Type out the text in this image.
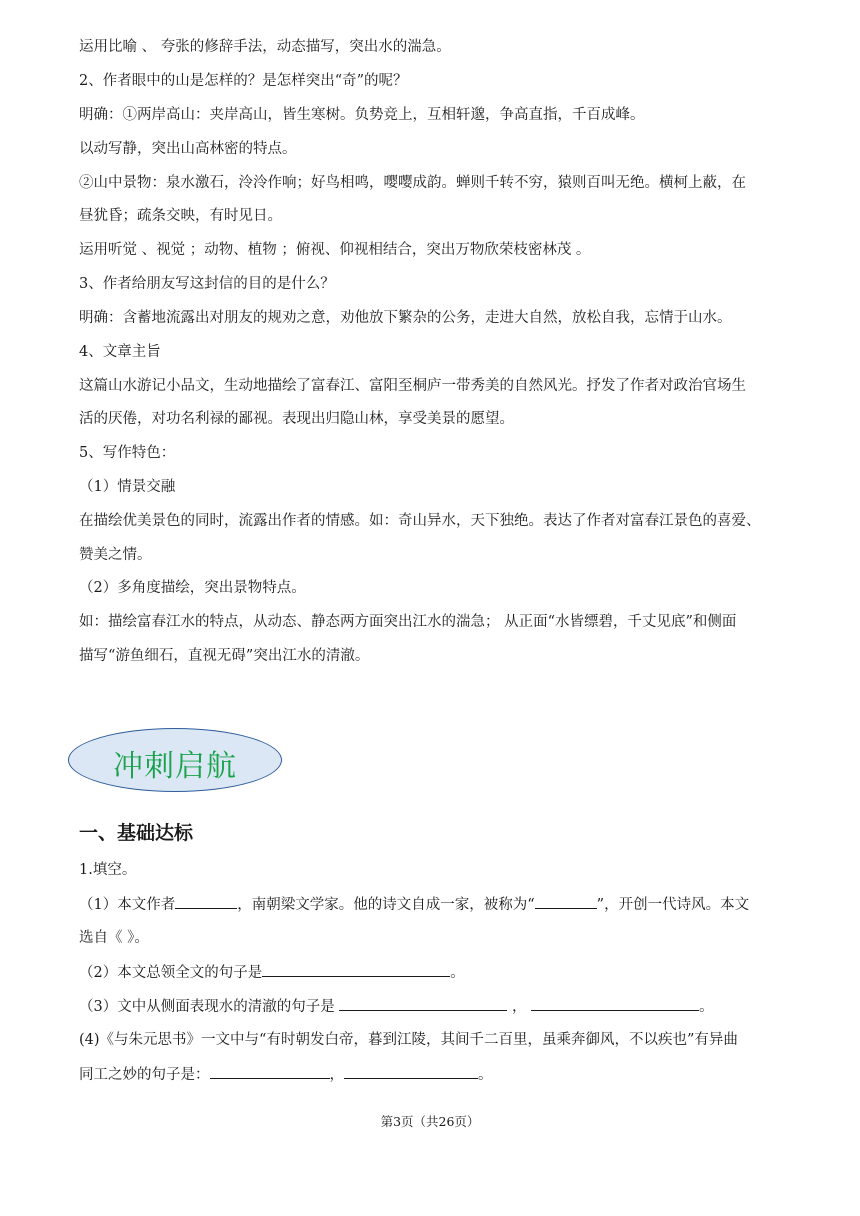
运用比喻 、 夸张的修辞手法，动态描写，突出水的湍急。
2、作者眼中的山是怎样的？是怎样突出“奇”的呢？
明确：①两岸高山：夹岸高山，皆生寒树。负势竞上，互相轩邈，争高直指，千百成峰。
以动写静，突出山高林密的特点。
②山中景物：泉水激石，泠泠作响；好鸟相鸣，嘤嘤成韵。蝉则千转不穷，猿则百叫无绝。横柯上蔽，在
昼犹昏；疏条交映，有时见日。
运用听觉 、视觉 ；动物、植物 ；俯视、仰视相结合，突出万物欣荣枝密林茂 。
3、作者给朋友写这封信的目的是什么？
明确：含蓄地流露出对朋友的规劝之意，劝他放下繁杂的公务，走进大自然，放松自我，忘情于山水。
4、文章主旨
这篇山水游记小品文，生动地描绘了富春江、富阳至桐庐一带秀美的自然风光。抒发了作者对政治官场生
活的厌倦，对功名利禄的鄙视。表现出归隐山林，享受美景的愿望。
5、写作特色：
（1）情景交融
在描绘优美景色的同时，流露出作者的情感。如：奇山异水，天下独绝。表达了作者对富春江景色的喜爱、
赞美之情。
（2）多角度描绘，突出景物特点。
如：描绘富春江水的特点，从动态、静态两方面突出江水的湍急； 从正面“水皆缥碧，千丈见底”和侧面
描写“游鱼细石，直视无碍”突出江水的清澈。
冲刺启航
一、基础达标
1.填空。
（1）本文作者	，南朝梁文学家。他的诗文自成一家，被称为“	”，开创一代诗风。本文
选自《 》。
（2）本文总领全文的句子是	。
（3）文中从侧面表现水的清澈的句子是	，	。
(4)《与朱元思书》一文中与“有时朝发白帝，暮到江陵，其间千二百里，虽乘奔御风，不以疾也”有异曲
同工之妙的句子是：	，	。
第3页（共26页）
